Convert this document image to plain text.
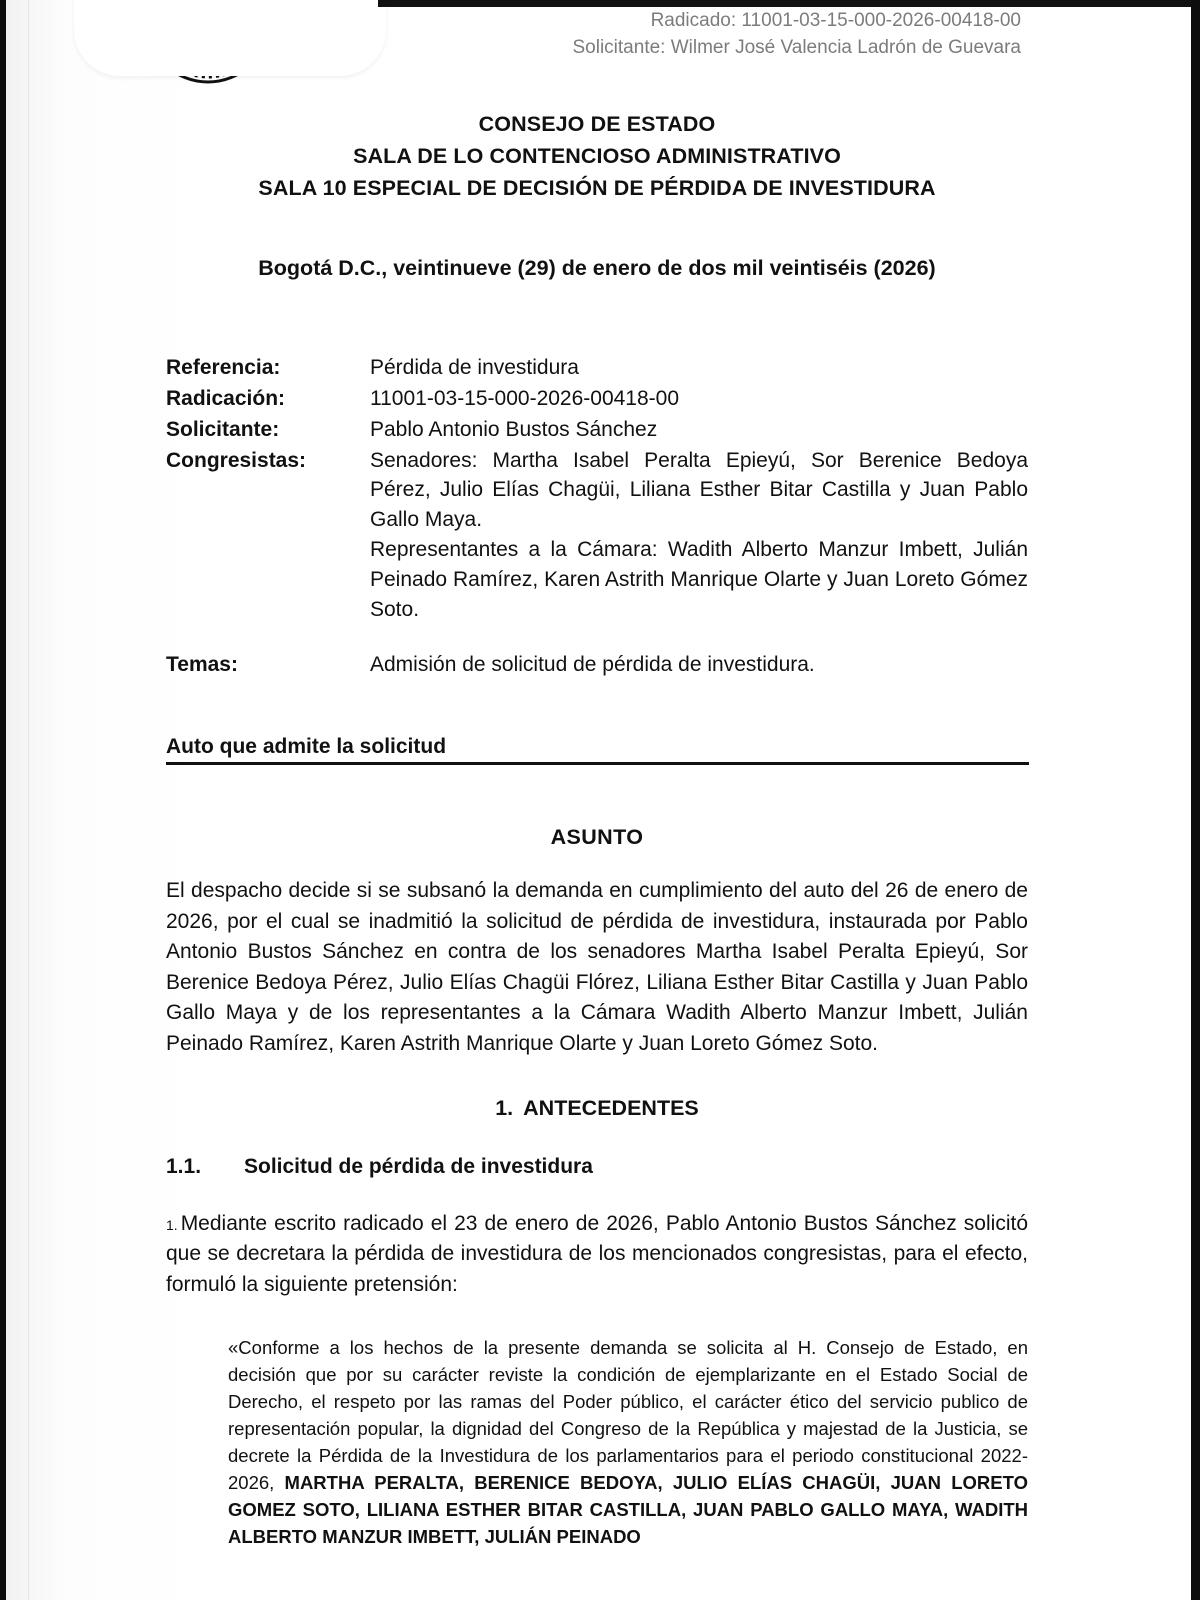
Radicado: 11001-03-15-000-2026-00418-00
Solicitante: Wilmer José Valencia Ladrón de Guevara
CONSEJO DE ESTADO
SALA DE LO CONTENCIOSO ADMINISTRATIVO
SALA 10 ESPECIAL DE DECISIÓN DE PÉRDIDA DE INVESTIDURA
Bogotá D.C., veintinueve (29) de enero de dos mil veintiséis (2026)
Referencia:	Pérdida de investidura
Radicación:	11001-03-15-000-2026-00418-00
Solicitante:	Pablo Antonio Bustos Sánchez
Congresistas:	Senadores: Martha Isabel Peralta Epieyú, Sor Berenice Bedoya Pérez, Julio Elías Chagüi, Liliana Esther Bitar Castilla y Juan Pablo Gallo Maya.

Representantes a la Cámara: Wadith Alberto Manzur Imbett, Julián Peinado Ramírez, Karen Astrith Manrique Olarte y Juan Loreto Gómez Soto.

Temas:	Admisión de solicitud de pérdida de investidura.
Auto que admite la solicitud
ASUNTO
El despacho decide si se subsanó la demanda en cumplimiento del auto del 26 de enero de 2026, por el cual se inadmitió la solicitud de pérdida de investidura, instaurada por Pablo Antonio Bustos Sánchez en contra de los senadores Martha Isabel Peralta Epieyú, Sor Berenice Bedoya Pérez, Julio Elías Chagüi Flórez, Liliana Esther Bitar Castilla y Juan Pablo Gallo Maya y de los representantes a la Cámara Wadith Alberto Manzur Imbett, Julián Peinado Ramírez, Karen Astrith Manrique Olarte y Juan Loreto Gómez Soto.
1. ANTECEDENTES
1.1.	Solicitud de pérdida de investidura
1. Mediante escrito radicado el 23 de enero de 2026, Pablo Antonio Bustos Sánchez solicitó que se decretara la pérdida de investidura de los mencionados congresistas, para el efecto, formuló la siguiente pretensión:
«Conforme a los hechos de la presente demanda se solicita al H. Consejo de Estado, en decisión que por su carácter reviste la condición de ejemplarizante en el Estado Social de Derecho, el respeto por las ramas del Poder público, el carácter ético del servicio publico de representación popular, la dignidad del Congreso de la República y majestad de la Justicia, se decrete la Pérdida de la Investidura de los parlamentarios para el periodo constitucional 2022-2026, MARTHA PERALTA, BERENICE BEDOYA, JULIO ELÍAS CHAGÜI, JUAN LORETO GOMEZ SOTO, LILIANA ESTHER BITAR CASTILLA, JUAN PABLO GALLO MAYA, WADITH ALBERTO MANZUR IMBETT, JULIÁN PEINADO
